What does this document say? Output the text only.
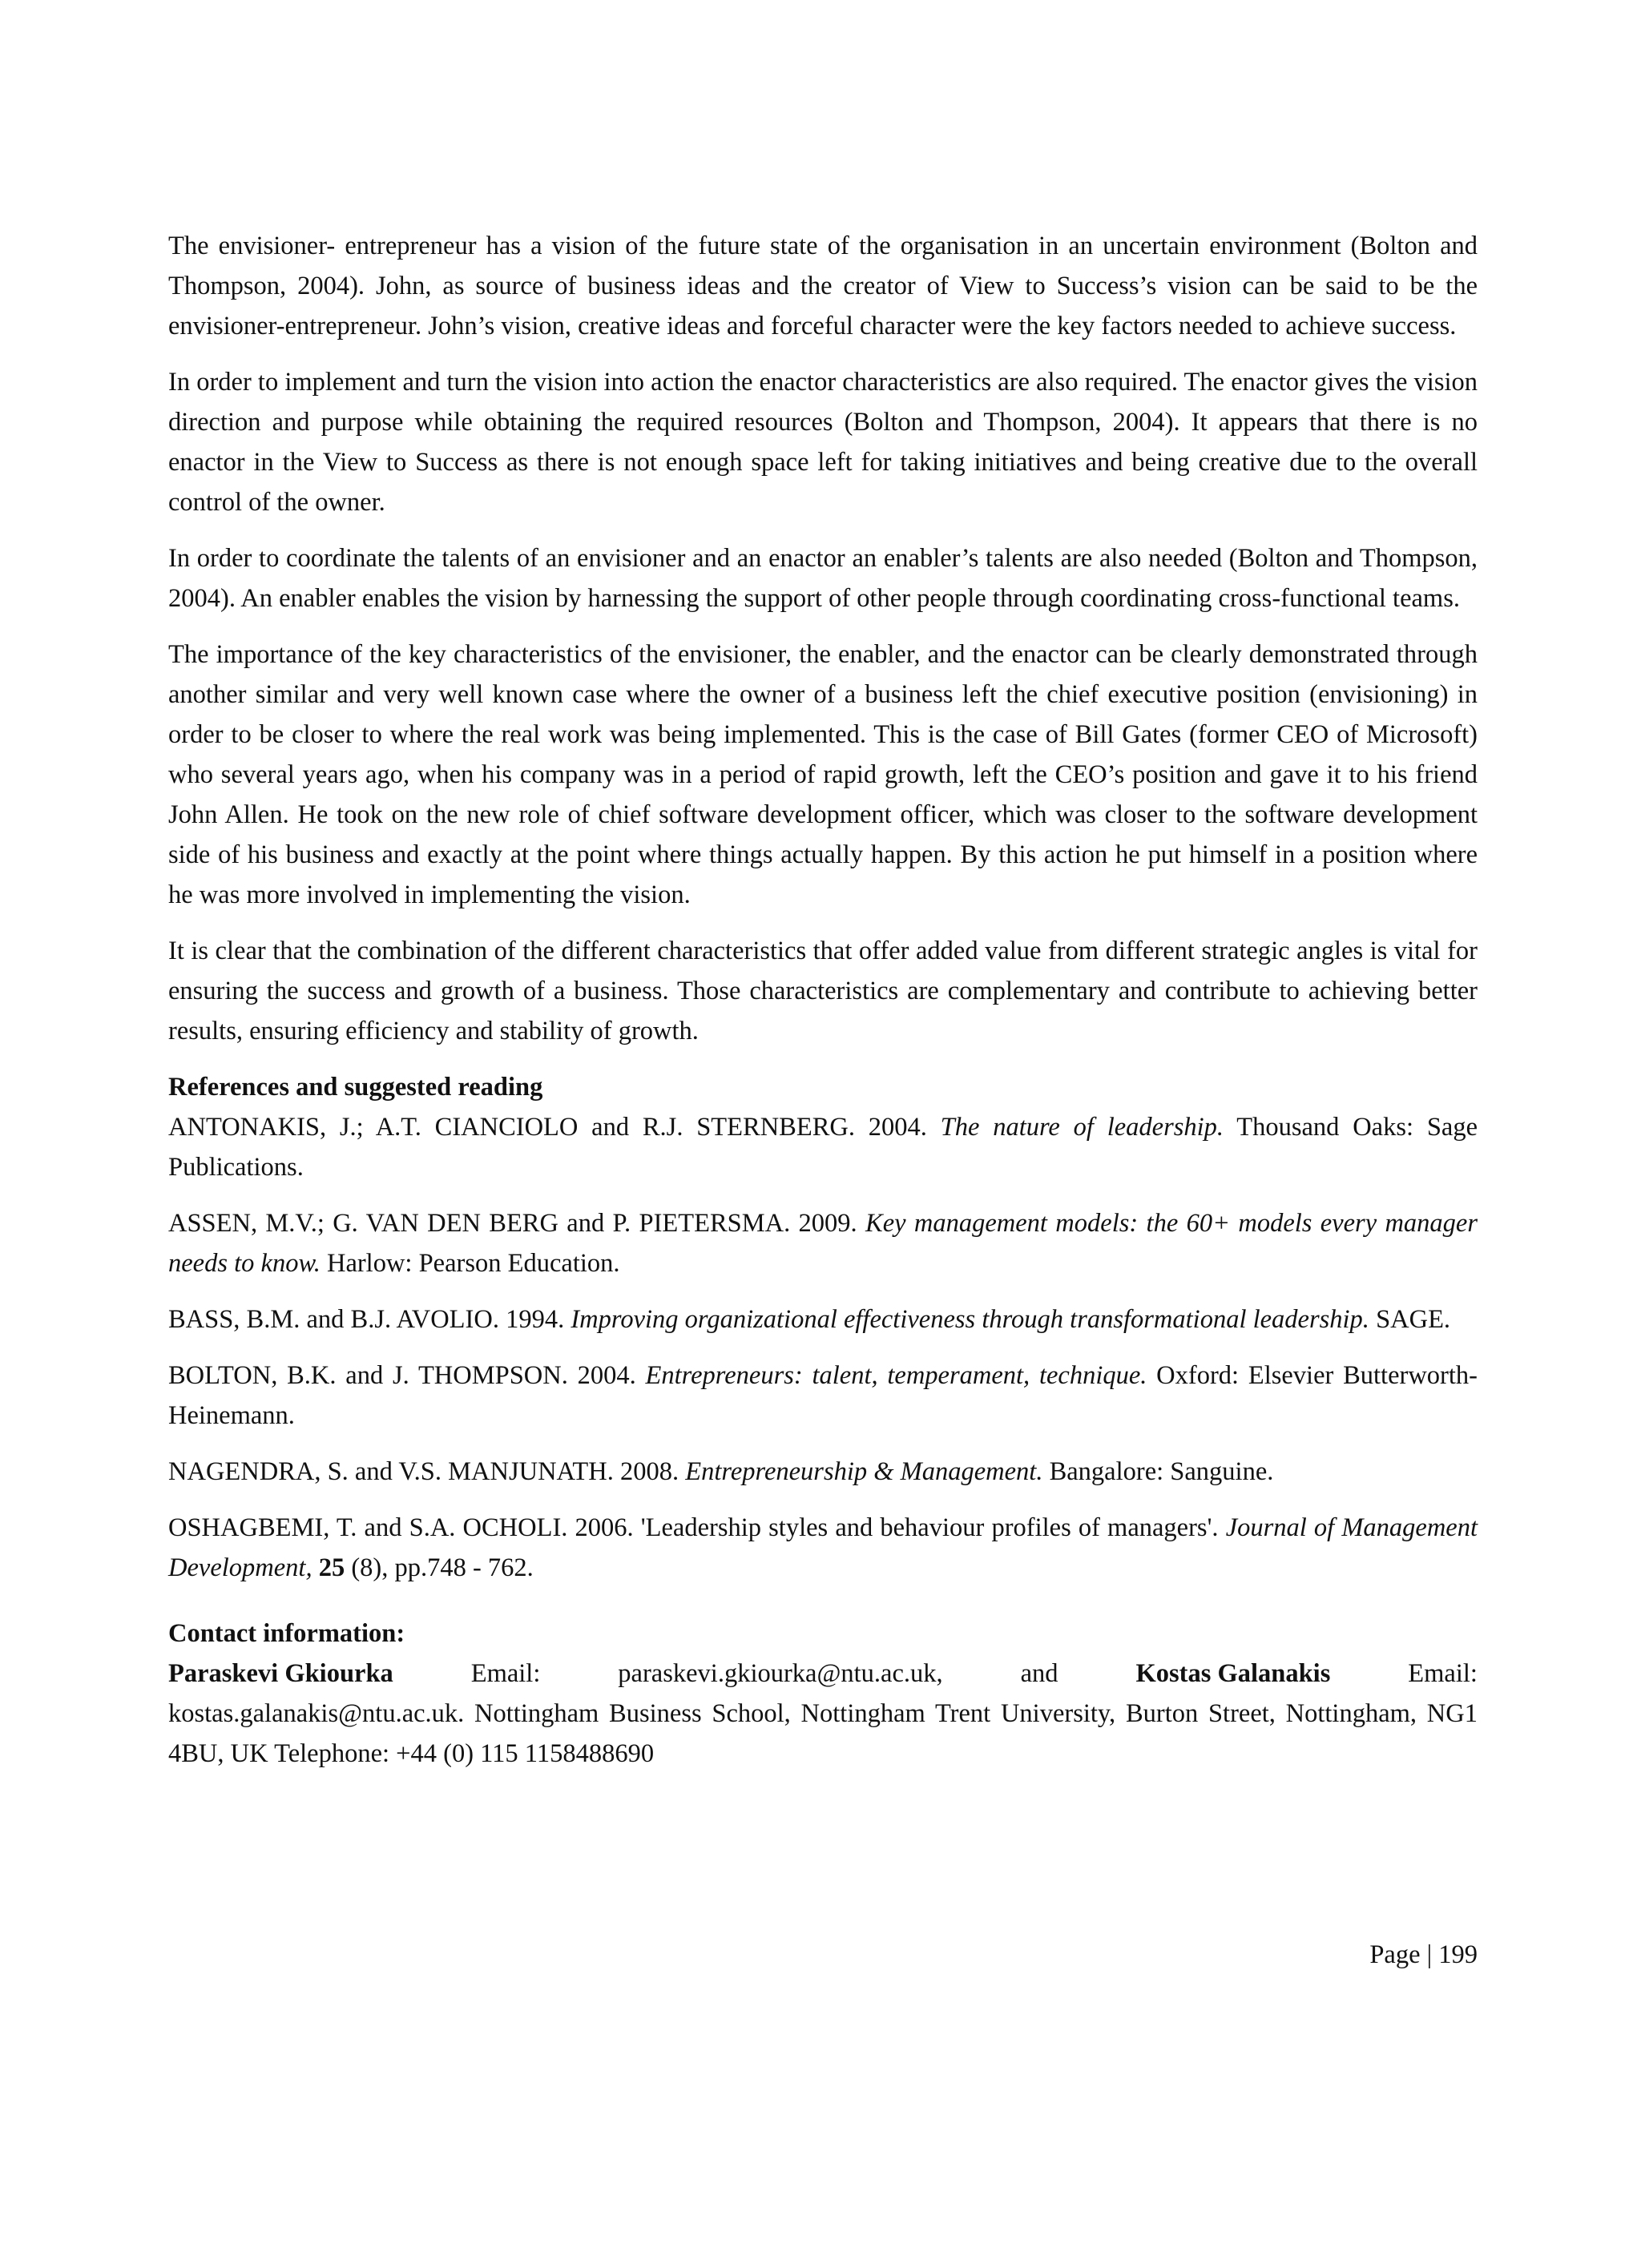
The envisioner- entrepreneur has a vision of the future state of the organisation in an uncertain environment (Bolton and Thompson, 2004). John, as source of business ideas and the creator of View to Success’s vision can be said to be the envisioner-entrepreneur. John’s vision, creative ideas and forceful character were the key factors needed to achieve success.

In order to implement and turn the vision into action the enactor characteristics are also required. The enactor gives the vision direction and purpose while obtaining the required resources (Bolton and Thompson, 2004). It appears that there is no enactor in the View to Success as there is not enough space left for taking initiatives and being creative due to the overall control of the owner.

In order to coordinate the talents of an envisioner and an enactor an enabler’s talents are also needed (Bolton and Thompson, 2004). An enabler enables the vision by harnessing the support of other people through coordinating cross-functional teams.

The importance of the key characteristics of the envisioner, the enabler, and the enactor can be clearly demonstrated through another similar and very well known case where the owner of a business left the chief executive position (envisioning) in order to be closer to where the real work was being implemented. This is the case of Bill Gates (former CEO of Microsoft) who several years ago, when his company was in a period of rapid growth, left the CEO’s position and gave it to his friend John Allen. He took on the new role of chief software development officer, which was closer to the software development side of his business and exactly at the point where things actually happen. By this action he put himself in a position where he was more involved in implementing the vision.

It is clear that the combination of the different characteristics that offer added value from different strategic angles is vital for ensuring the success and growth of a business. Those characteristics are complementary and contribute to achieving better results, ensuring efficiency and stability of growth.

References and suggested reading

ANTONAKIS, J.; A.T. CIANCIOLO and R.J. STERNBERG. 2004. The nature of leadership. Thousand Oaks: Sage Publications.

ASSEN, M.V.; G. VAN DEN BERG and P. PIETERSMA. 2009. Key management models: the 60+ models every manager needs to know. Harlow: Pearson Education.

BASS, B.M. and B.J. AVOLIO. 1994. Improving organizational effectiveness through transformational leadership. SAGE.

BOLTON, B.K. and J. THOMPSON. 2004. Entrepreneurs: talent, temperament, technique. Oxford: Elsevier Butterworth-Heinemann.

NAGENDRA, S. and V.S. MANJUNATH. 2008. Entrepreneurship & Management. Bangalore: Sanguine.

OSHAGBEMI, T. and S.A. OCHOLI. 2006. 'Leadership styles and behaviour profiles of managers'. Journal of Management Development, 25 (8), pp.748 - 762.

Contact information:

Paraskevi Gkiourka	Email:	paraskevi.gkiourka@ntu.ac.uk,	and	Kostas Galanakis	Email:

kostas.galanakis@ntu.ac.uk. Nottingham Business School, Nottingham Trent University, Burton Street, Nottingham, NG1 4BU, UK Telephone: +44 (0) 115 1158488690

Page | 199
